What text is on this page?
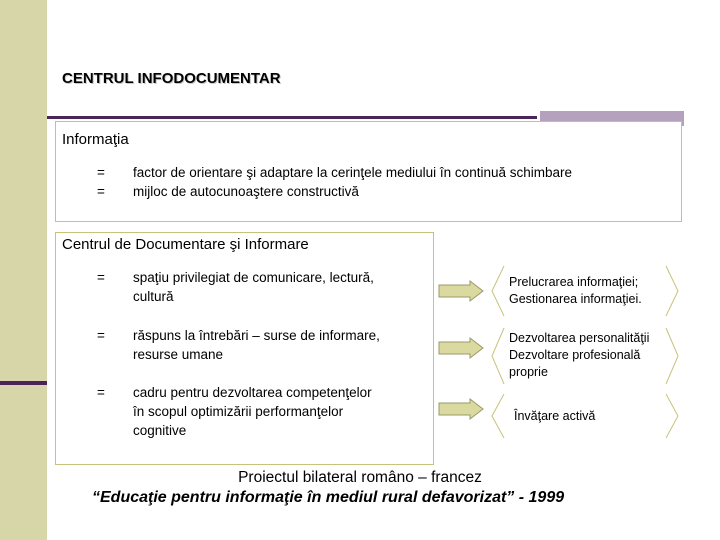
CENTRUL INFODOCUMENTAR
Informaţia
= factor de orientare şi adaptare la cerinţele mediului în continuă schimbare
= mijloc de autocunoaştere constructivă
Centrul de Documentare şi Informare
= spaţiu privilegiat de comunicare, lectură,
cultură
= răspuns la întrebări – surse de informare,
resurse umane
= cadru pentru dezvoltarea competenţelor
în scopul optimizării performanţelor
cognitive
Prelucrarea informaţiei;
Gestionarea informaţiei.
Dezvoltarea personalităţii
Dezvoltare profesională
proprie
Învăţare activă
Proiectul bilateral româno – francez
“Educaţie pentru informaţie în mediul rural defavorizat” - 1999
